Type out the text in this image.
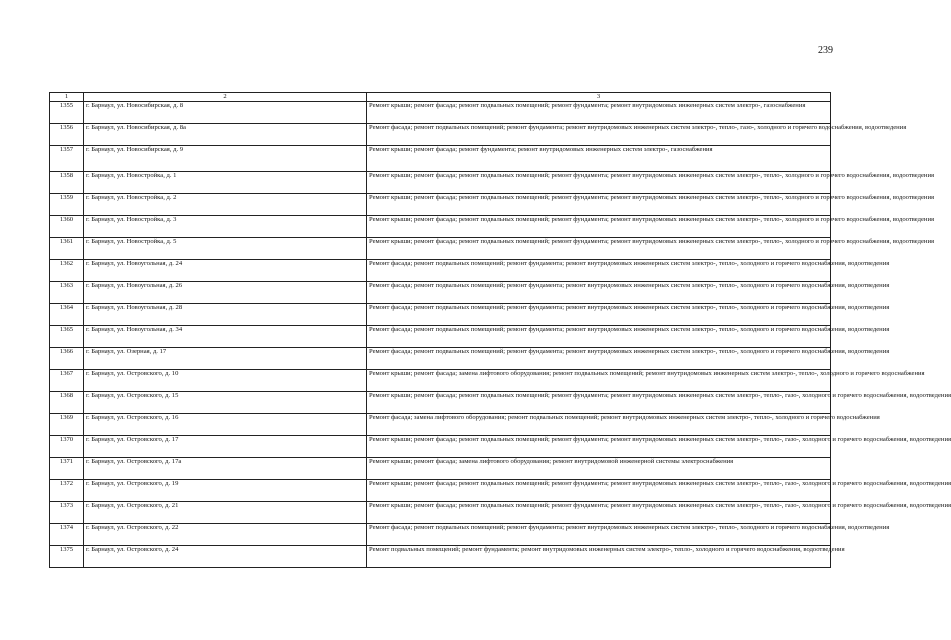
239
1	2	3
1355	г. Барнаул, ул. Новосибирская, д. 8	Ремонт крыши; ремонт фасада; ремонт подвальных помещений; ремонт фундамента; ремонт внутридомовых инженерных систем электро-, газоснабжения
1356	г. Барнаул, ул. Новосибирская, д. 8а	Ремонт фасада; ремонт подвальных помещений; ремонт фундамента; ремонт внутридомовых инженерных систем электро-, тепло-, газо-, холодного и горячего водоснабжения, водоотведения
1357	г. Барнаул, ул. Новосибирская, д. 9	Ремонт крыши; ремонт фасада; ремонт фундамента; ремонт внутридомовых инженерных систем электро-, газоснабжения
1358	г. Барнаул, ул. Новостройка, д. 1	Ремонт крыши; ремонт фасада; ремонт подвальных помещений; ремонт фундамента; ремонт внутридомовых инженерных систем электро-, тепло-, холодного и горячего водоснабжения, водоотведения
1359	г. Барнаул, ул. Новостройка, д. 2	Ремонт крыши; ремонт фасада; ремонт подвальных помещений; ремонт фундамента; ремонт внутридомовых инженерных систем электро-, тепло-, холодного и горячего водоснабжения, водоотведения
1360	г. Барнаул, ул. Новостройка, д. 3	Ремонт крыши; ремонт фасада; ремонт подвальных помещений; ремонт фундамента; ремонт внутридомовых инженерных систем электро-, тепло-, холодного и горячего водоснабжения, водоотведения
1361	г. Барнаул, ул. Новостройка, д. 5	Ремонт крыши; ремонт фасада; ремонт подвальных помещений; ремонт фундамента; ремонт внутридомовых инженерных систем электро-, тепло-, холодного и горячего водоснабжения, водоотведения
1362	г. Барнаул, ул. Новоугольная, д. 24	Ремонт фасада; ремонт подвальных помещений; ремонт фундамента; ремонт внутридомовых инженерных систем электро-, тепло-, холодного и горячего водоснабжения, водоотведения
1363	г. Барнаул, ул. Новоугольная, д. 26	Ремонт фасада; ремонт подвальных помещений; ремонт фундамента; ремонт внутридомовых инженерных систем электро-, тепло-, холодного и горячего водоснабжения, водоотведения
1364	г. Барнаул, ул. Новоугольная, д. 28	Ремонт фасада; ремонт подвальных помещений; ремонт фундамента; ремонт внутридомовых инженерных систем электро-, тепло-, холодного и горячего водоснабжения, водоотведения
1365	г. Барнаул, ул. Новоугольная, д. 34	Ремонт фасада; ремонт подвальных помещений; ремонт фундамента; ремонт внутридомовых инженерных систем электро-, тепло-, холодного и горячего водоснабжения, водоотведения
1366	г. Барнаул, ул. Озерная, д. 17	Ремонт фасада; ремонт подвальных помещений; ремонт фундамента; ремонт внутридомовых инженерных систем электро-, тепло-, холодного и горячего водоснабжения, водоотведения
1367	г. Барнаул, ул. Островского, д. 10	Ремонт крыши; ремонт фасада; замена лифтового оборудования; ремонт подвальных помещений; ремонт внутридомовых инженерных систем электро-, тепло-, холодного и горячего водоснабжения
1368	г. Барнаул, ул. Островского, д. 15	Ремонт крыши; ремонт фасада; ремонт подвальных помещений; ремонт фундамента; ремонт внутридомовых инженерных систем электро-, тепло-, газо-, холодного и горячего водоснабжения, водоотведения
1369	г. Барнаул, ул. Островского, д. 16	Ремонт фасада; замена лифтового оборудования; ремонт подвальных помещений; ремонт внутридомовых инженерных систем электро-, тепло-, холодного и горячего водоснабжения
1370	г. Барнаул, ул. Островского, д. 17	Ремонт крыши; ремонт фасада; ремонт подвальных помещений; ремонт фундамента; ремонт внутридомовых инженерных систем электро-, тепло-, газо-, холодного и горячего водоснабжения, водоотведения
1371	г. Барнаул, ул. Островского, д. 17а	Ремонт крыши; ремонт фасада; замена лифтового оборудования; ремонт внутридомовой инженерной системы электроснабжения
1372	г. Барнаул, ул. Островского, д. 19	Ремонт крыши; ремонт фасада; ремонт подвальных помещений; ремонт фундамента; ремонт внутридомовых инженерных систем электро-, тепло-, газо-, холодного и горячего водоснабжения, водоотведения
1373	г. Барнаул, ул. Островского, д. 21	Ремонт крыши; ремонт фасада; ремонт подвальных помещений; ремонт фундамента; ремонт внутридомовых инженерных систем электро-, тепло-, газо-, холодного и горячего водоснабжения, водоотведения
1374	г. Барнаул, ул. Островского, д. 22	Ремонт фасада; ремонт подвальных помещений; ремонт фундамента; ремонт внутридомовых инженерных систем электро-, тепло-, холодного и горячего водоснабжения, водоотведения
1375	г. Барнаул, ул. Островского, д. 24	Ремонт подвальных помещений; ремонт фундамента; ремонт внутридомовых инженерных систем электро-, тепло-, холодного и горячего водоснабжения, водоотведения
